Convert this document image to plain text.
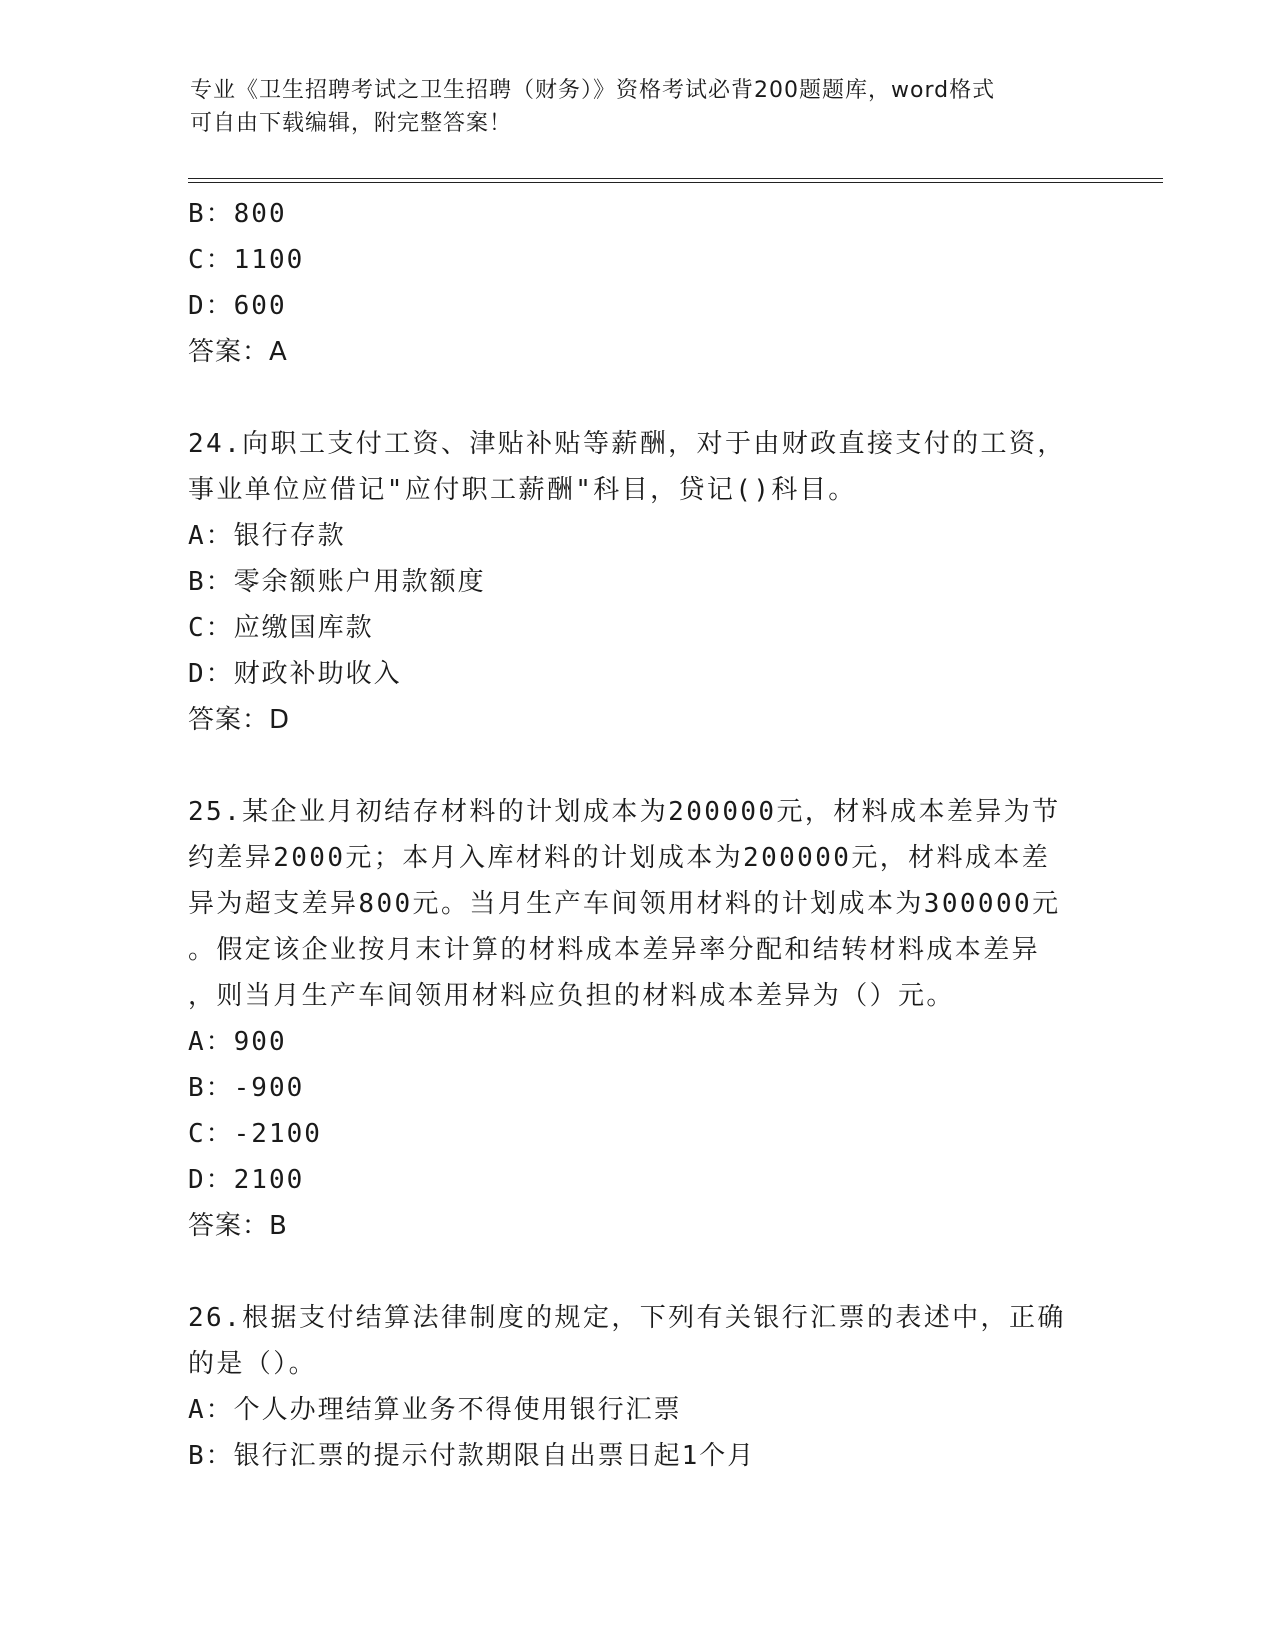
专业《卫生招聘考试之卫生招聘（财务）》资格考试必背200题题库，word格式
可自由下载编辑，附完整答案！
B：800
C：1100
D：600
答案：A
24.向职工支付工资、津贴补贴等薪酬，对于由财政直接支付的工资，
事业单位应借记"应付职工薪酬"科目，贷记()科目。
A：银行存款
B：零余额账户用款额度
C：应缴国库款
D：财政补助收入
答案：D
25.某企业月初结存材料的计划成本为200000元，材料成本差异为节
约差异2000元；本月入库材料的计划成本为200000元，材料成本差
异为超支差异800元。当月生产车间领用材料的计划成本为300000元
。假定该企业按月末计算的材料成本差异率分配和结转材料成本差异
，则当月生产车间领用材料应负担的材料成本差异为（）元。
A：900
B：-900
C：-2100
D：2100
答案：B
26.根据支付结算法律制度的规定，下列有关银行汇票的表述中，正确
的是（）。
A：个人办理结算业务不得使用银行汇票
B：银行汇票的提示付款期限自出票日起1个月
